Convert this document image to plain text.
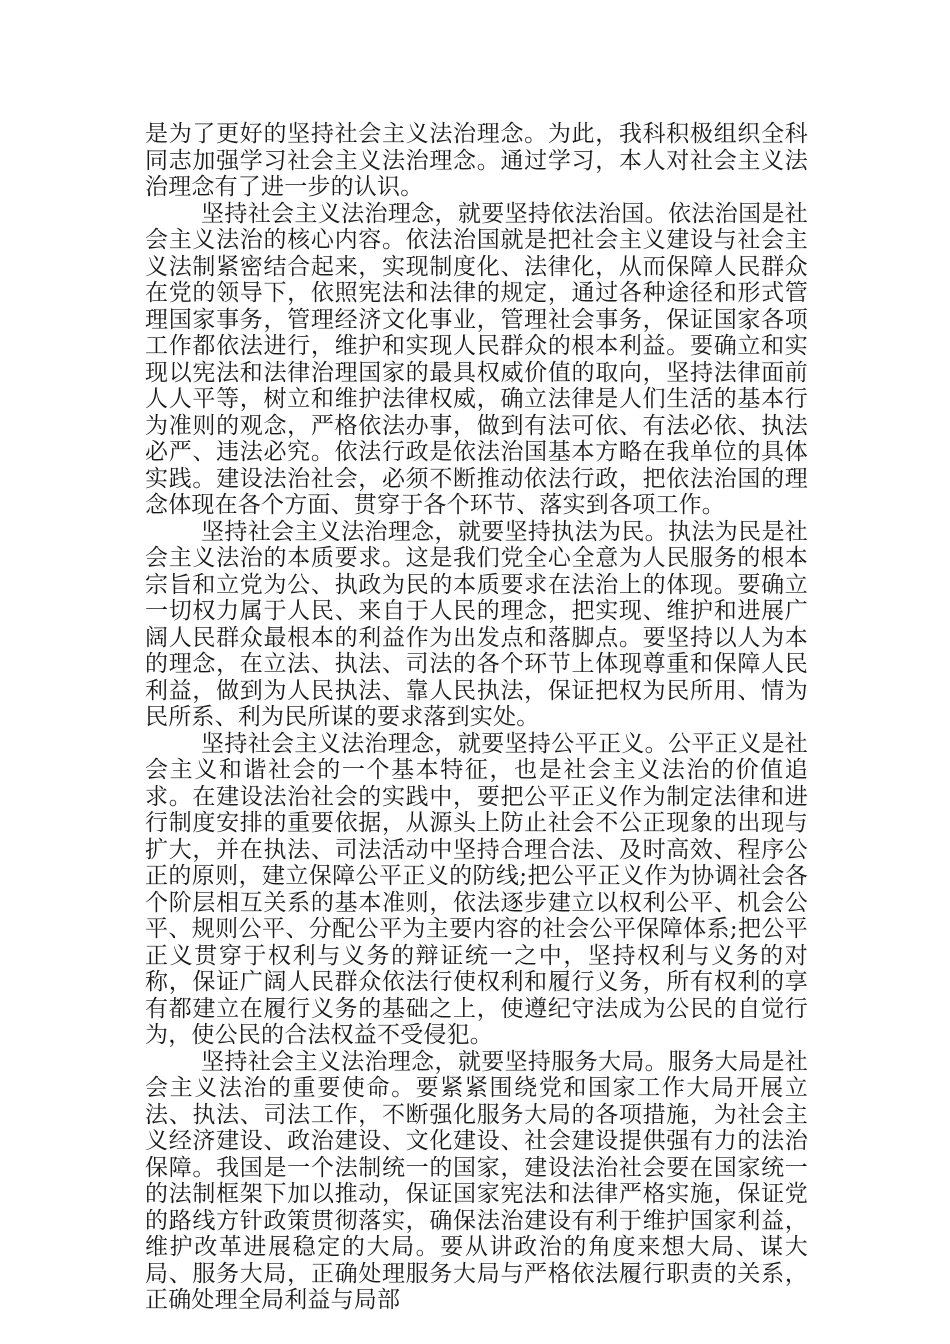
是为了更好的坚持社会主义法治理念。为此，我科积极组织全科同志加强学习社会主义法治理念。通过学习，本人对社会主义法治理念有了进一步的认识。

坚持社会主义法治理念，就要坚持依法治国。依法治国是社会主义法治的核心内容。依法治国就是把社会主义建设与社会主义法制紧密结合起来，实现制度化、法律化，从而保障人民群众在党的领导下，依照宪法和法律的规定，通过各种途径和形式管理国家事务，管理经济文化事业，管理社会事务，保证国家各项工作都依法进行，维护和实现人民群众的根本利益。要确立和实现以宪法和法律治理国家的最具权威价值的取向，坚持法律面前人人平等，树立和维护法律权威，确立法律是人们生活的基本行为准则的观念，严格依法办事，做到有法可依、有法必依、执法必严、违法必究。依法行政是依法治国基本方略在我单位的具体实践。建设法治社会，必须不断推动依法行政，把依法治国的理念体现在各个方面、贯穿于各个环节、落实到各项工作。

坚持社会主义法治理念，就要坚持执法为民。执法为民是社会主义法治的本质要求。这是我们党全心全意为人民服务的根本宗旨和立党为公、执政为民的本质要求在法治上的体现。要确立一切权力属于人民、来自于人民的理念，把实现、维护和进展广阔人民群众最根本的利益作为出发点和落脚点。要坚持以人为本的理念，在立法、执法、司法的各个环节上体现尊重和保障人民利益，做到为人民执法、靠人民执法，保证把权为民所用、情为民所系、利为民所谋的要求落到实处。

坚持社会主义法治理念，就要坚持公平正义。公平正义是社会主义和谐社会的一个基本特征，也是社会主义法治的价值追求。在建设法治社会的实践中，要把公平正义作为制定法律和进行制度安排的重要依据，从源头上防止社会不公正现象的出现与扩大，并在执法、司法活动中坚持合理合法、及时高效、程序公正的原则，建立保障公平正义的防线;把公平正义作为协调社会各个阶层相互关系的基本准则，依法逐步建立以权利公平、机会公平、规则公平、分配公平为主要内容的社会公平保障体系;把公平正义贯穿于权利与义务的辩证统一之中，坚持权利与义务的对称，保证广阔人民群众依法行使权利和履行义务，所有权利的享有都建立在履行义务的基础之上，使遵纪守法成为公民的自觉行为，使公民的合法权益不受侵犯。

坚持社会主义法治理念，就要坚持服务大局。服务大局是社会主义法治的重要使命。要紧紧围绕党和国家工作大局开展立法、执法、司法工作，不断强化服务大局的各项措施，为社会主义经济建设、政治建设、文化建设、社会建设提供强有力的法治保障。我国是一个法制统一的国家，建设法治社会要在国家统一的法制框架下加以推动，保证国家宪法和法律严格实施，保证党的路线方针政策贯彻落实，确保法治建设有利于维护国家利益，维护改革进展稳定的大局。要从讲政治的角度来想大局、谋大局、服务大局，正确处理服务大局与严格依法履行职责的关系，正确处理全局利益与局部
